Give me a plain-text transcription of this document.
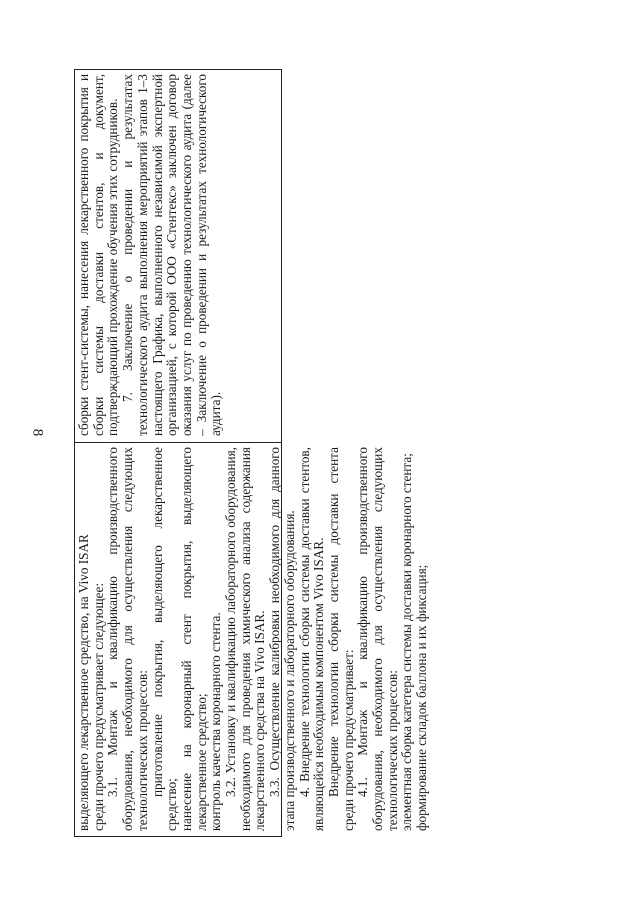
8

выделяющего лекарственное средство, на Vivo ISAR среди прочего предусматривает следующее: 3.1. Монтаж и квалификацию производственного оборудования, необходимого для осуществления следующих технологических процессов: приготовление покрытия, выделяющего лекарственное средство; нанесение на коронарный стент покрытия, выделяющего лекарственное средство; контроль качества коронарного стента. 3.2. Установку и квалификацию лабораторного оборудования, необходимого для проведения химического анализа содержания лекарственного средства на Vivo ISAR. 3.3. Осуществление калибровки необходимого для данного этапа производственного и лабораторного оборудования. 4. Внедрение технологии сборки системы доставки стентов, являющейся необходимым компонентом Vivo ISAR. Внедрение технологии сборки системы доставки стента среди прочего предусматривает: 4.1. Монтаж и квалификацию производственного оборудования, необходимого для осуществления следующих технологических процессов: элементная сборка катетера системы доставки коронарного стента; формирование складок баллона и их фиксация;

сборки стент-системы, нанесения лекарственного покрытия и сборки системы доставки стентов, и документ, подтверждающий прохождение обучения этих сотрудников. 7. Заключение о проведении и результатах технологического аудита выполнения мероприятий этапов 1–3 настоящего Графика, выполненного независимой экспертной организацией, с которой ООО «Стентекс» заключен договор оказания услуг по проведению технологического аудита (далее – Заключение о проведении и результатах технологического аудита).
